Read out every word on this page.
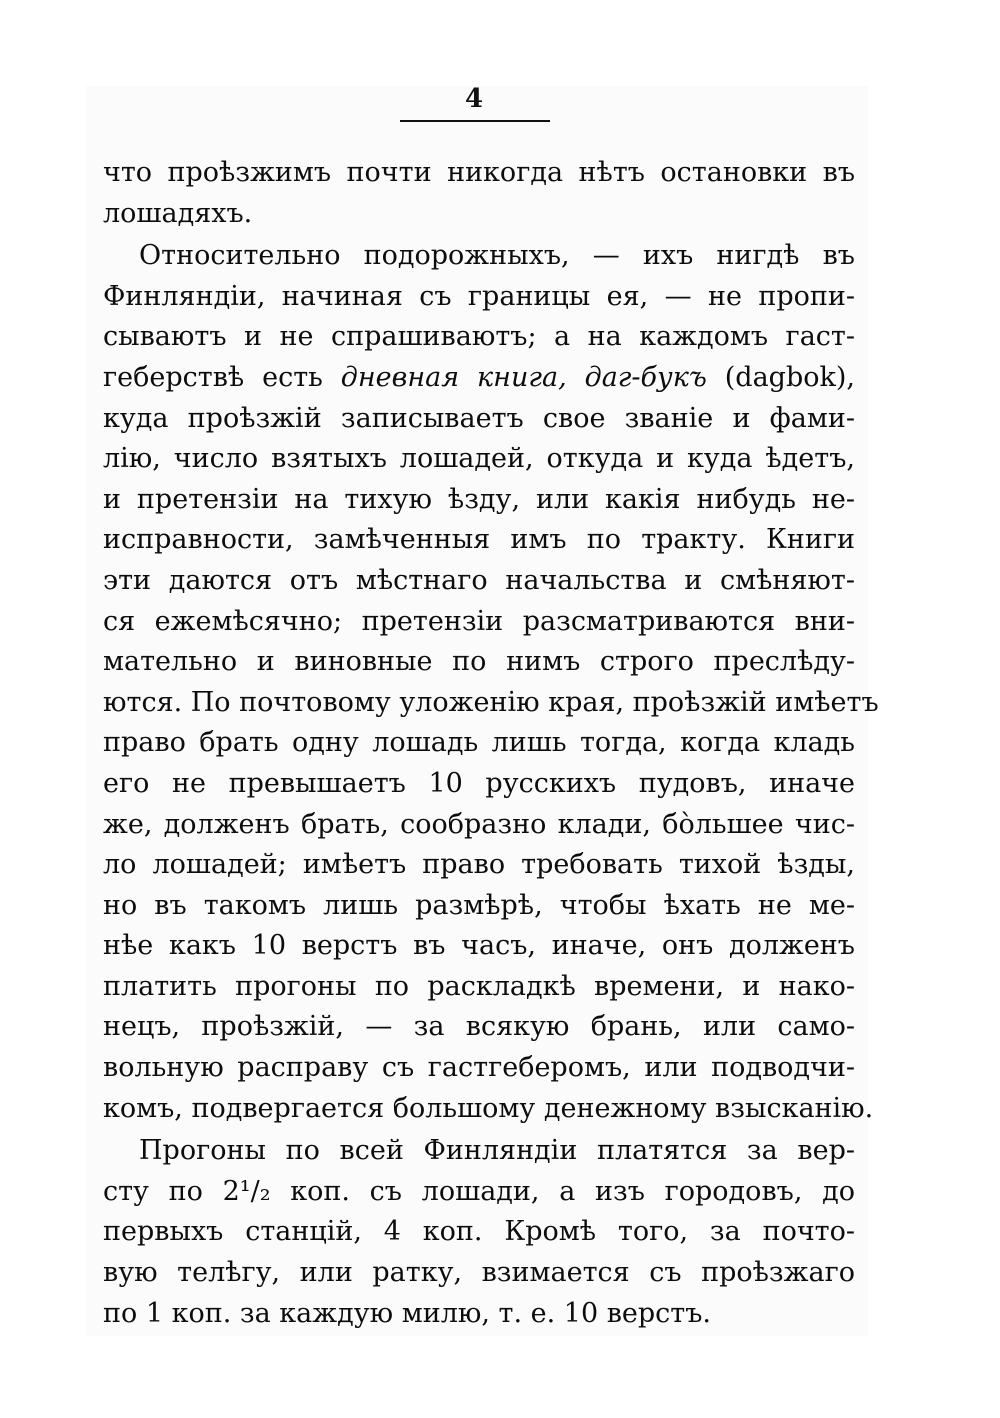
4
что проѣзжимъ почти никогда нѣтъ остановки въ
лошадяхъ.
Относительно подорожныхъ, — ихъ нигдѣ въ
Финляндіи, начиная съ границы ея, — не пропи-
сываютъ и не спрашиваютъ; а на каждомъ гаст-
геберствѣ есть дневная книга, даг-букъ (dagbok),
куда проѣзжій записываетъ свое званіе и фами-
лію, число взятыхъ лошадей, откуда и куда ѣдетъ,
и претензіи на тихую ѣзду, или какія нибудь не-
исправности, замѣченныя имъ по тракту. Книги
эти даются отъ мѣстнаго начальства и смѣняют-
ся ежемѣсячно; претензіи разсматриваются вни-
мательно и виновные по нимъ строго преслѣду-
ются. По почтовому уложенію края, проѣзжій имѣетъ
право брать одну лошадь лишь тогда, когда кладь
его не превышаетъ 10 русскихъ пудовъ, иначе
же, долженъ брать, сообразно клади, бо̀льшее чис-
ло лошадей; имѣетъ право требовать тихой ѣзды,
но въ такомъ лишь размѣрѣ, чтобы ѣхать не ме-
нѣе какъ 10 верстъ въ часъ, иначе, онъ долженъ
платить прогоны по раскладкѣ времени, и нако-
нецъ, проѣзжій, — за всякую брань, или само-
вольную расправу съ гастгеберомъ, или подводчи-
комъ, подвергается большому денежному взысканію.
Прогоны по всей Финляндіи платятся за вер-
сту по 2¹/₂ коп. съ лошади, а изъ городовъ, до
первыхъ станцій, 4 коп. Кромѣ того, за почто-
вую телѣгу, или ратку, взимается съ проѣзжаго
по 1 коп. за каждую милю, т. е. 10 верстъ.
